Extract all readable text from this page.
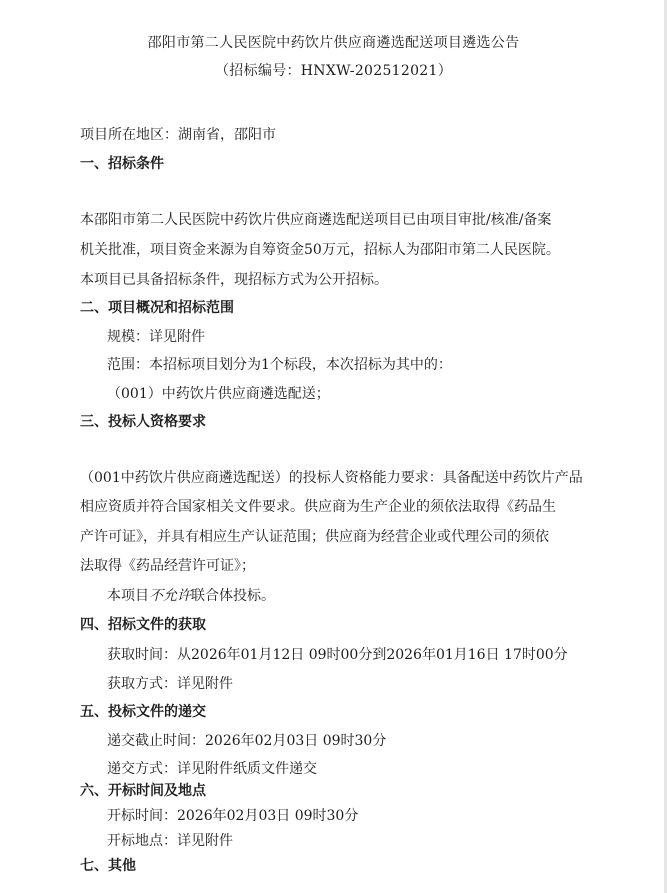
邵阳市第二人民医院中药饮片供应商遴选配送项目遴选公告
（招标编号：HNXW-202512021）
项目所在地区：湖南省，邵阳市
一、招标条件
本邵阳市第二人民医院中药饮片供应商遴选配送项目已由项目审批/核准/备案
机关批准，项目资金来源为自筹资金50万元，招标人为邵阳市第二人民医院。
本项目已具备招标条件，现招标方式为公开招标。
二、项目概况和招标范围
规模：详见附件
范围：本招标项目划分为1个标段，本次招标为其中的：
（001）中药饮片供应商遴选配送；
三、投标人资格要求
（001中药饮片供应商遴选配送）的投标人资格能力要求：具备配送中药饮片产品
相应资质并符合国家相关文件要求。供应商为生产企业的须依法取得《药品生
产许可证》，并具有相应生产认证范围；供应商为经营企业或代理公司的须依
法取得《药品经营许可证》；
本项目不允许联合体投标。
四、招标文件的获取
获取时间：从2026年01月12日 09时00分到2026年01月16日 17时00分
获取方式：详见附件
五、投标文件的递交
递交截止时间：2026年02月03日 09时30分
递交方式：详见附件纸质文件递交
六、开标时间及地点
开标时间：2026年02月03日 09时30分
开标地点：详见附件
七、其他
